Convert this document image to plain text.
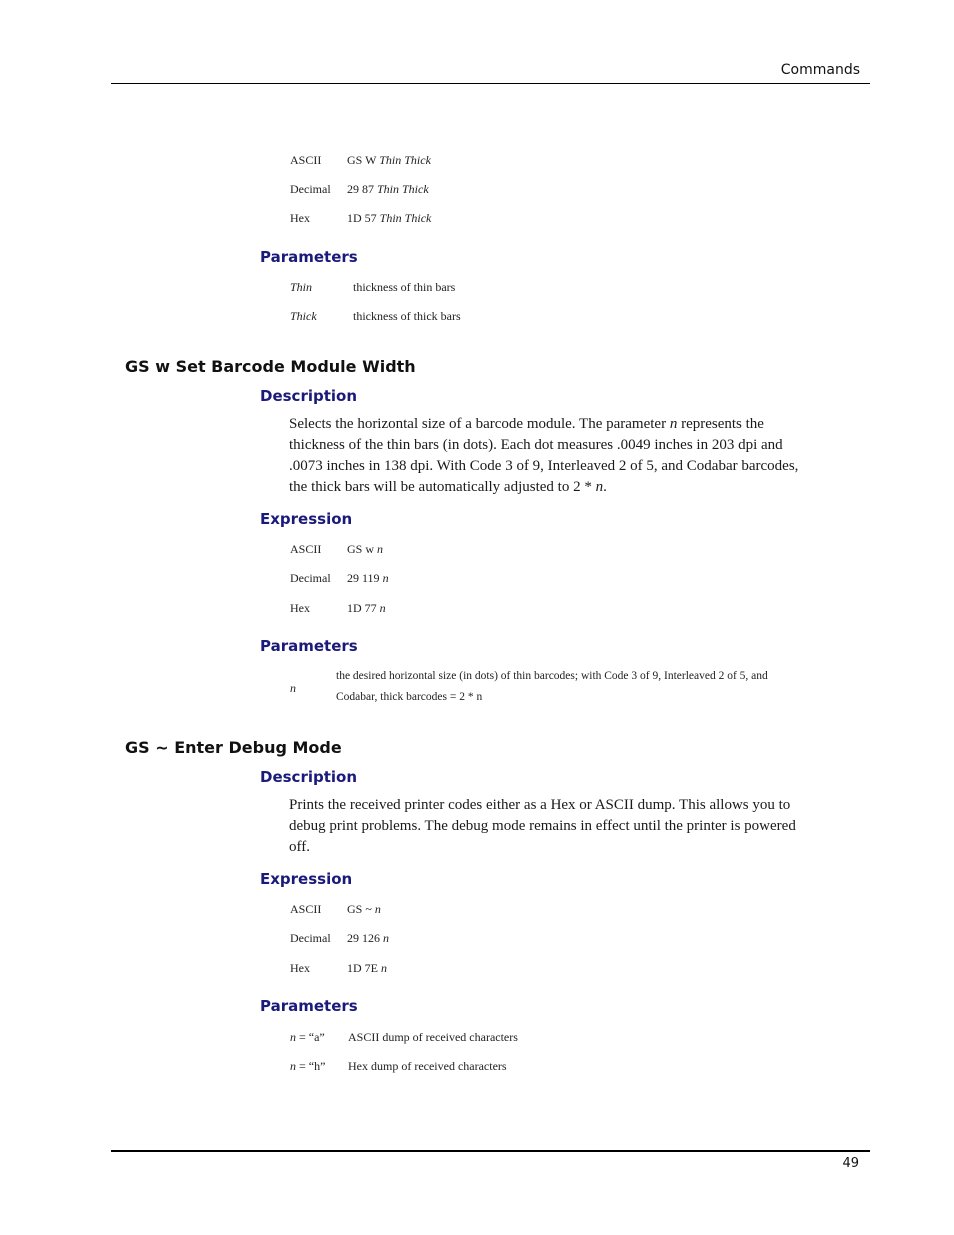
Commands
ASCII GS W Thin Thick
Decimal 29 87 Thin Thick
Hex	1D 57 Thin Thick
Parameters
Thin	thickness of thin bars
Thick	thickness of thick bars
GS w Set Barcode Module Width
Description
Selects the horizontal size of a barcode module. The parameter n represents the
thickness of the thin bars (in dots). Each dot measures .0049 inches in 203 dpi and
.0073 inches in 138 dpi. With Code 3 of 9, Interleaved 2 of 5, and Codabar barcodes,
the thick bars will be automatically adjusted to 2 * n.
Expression
ASCII GS w n
Decimal 29 119 n
Hex	1D 77 n
Parameters
n
the desired horizontal size (in dots) of thin barcodes; with Code 3 of 9, Interleaved 2 of 5, and
Codabar, thick barcodes = 2 * n
GS ~ Enter Debug Mode
Description
Prints the received printer codes either as a Hex or ASCII dump. This allows you to
debug print problems. The debug mode remains in effect until the printer is powered
off.
Expression
ASCII GS ~ n
Decimal 29 126 n
Hex	1D 7E n
Parameters
n = “a” ASCII dump of received characters
n = “h” Hex dump of received characters
49
